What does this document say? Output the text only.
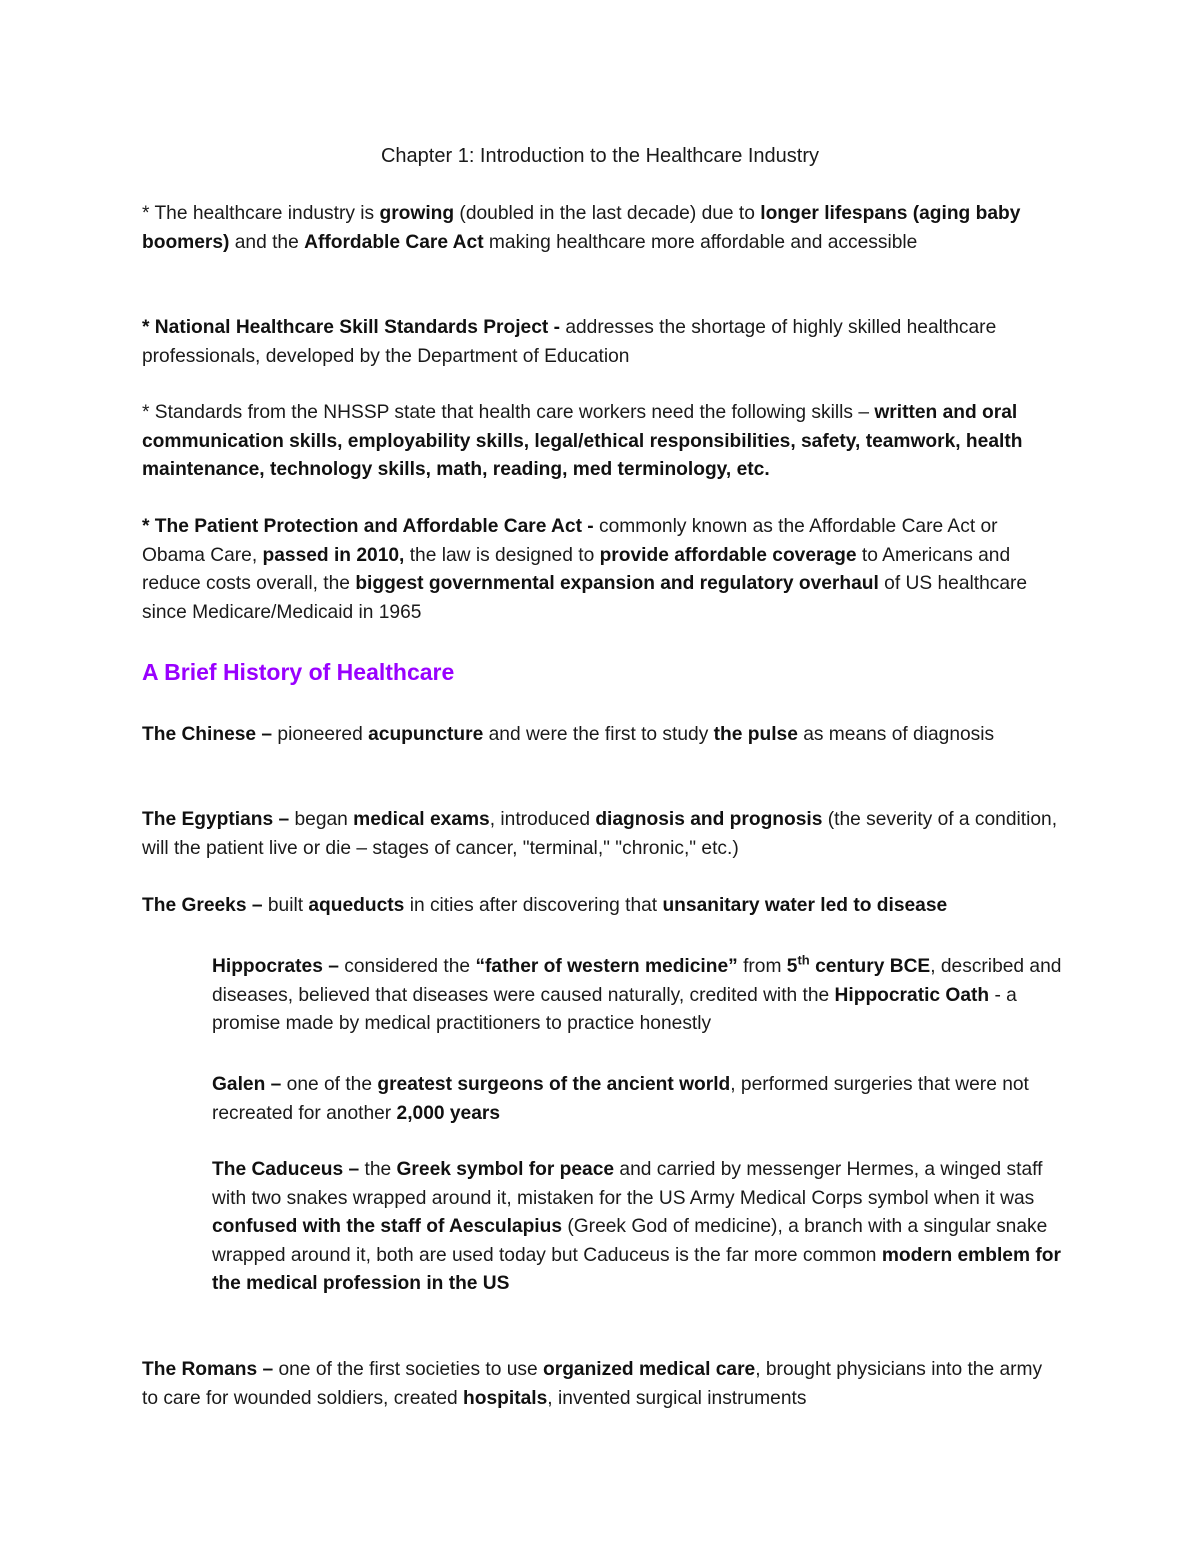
Chapter 1: Introduction to the Healthcare Industry

* The healthcare industry is growing (doubled in the last decade) due to longer lifespans (aging baby boomers) and the Affordable Care Act making healthcare more affordable and accessible

* National Healthcare Skill Standards Project - addresses the shortage of highly skilled healthcare professionals, developed by the Department of Education

* Standards from the NHSSP state that health care workers need the following skills – written and oral communication skills, employability skills, legal/ethical responsibilities, safety, teamwork, health maintenance, technology skills, math, reading, med terminology, etc.

* The Patient Protection and Affordable Care Act - commonly known as the Affordable Care Act or Obama Care, passed in 2010, the law is designed to provide affordable coverage to Americans and reduce costs overall, the biggest governmental expansion and regulatory overhaul of US healthcare since Medicare/Medicaid in 1965

A Brief History of Healthcare

The Chinese – pioneered acupuncture and were the first to study the pulse as means of diagnosis

The Egyptians – began medical exams, introduced diagnosis and prognosis (the severity of a condition, will the patient live or die – stages of cancer, "terminal," "chronic," etc.)

The Greeks – built aqueducts in cities after discovering that unsanitary water led to disease

Hippocrates – considered the “father of western medicine” from 5th century BCE, described and diseases, believed that diseases were caused naturally, credited with the Hippocratic Oath - a promise made by medical practitioners to practice honestly

Galen – one of the greatest surgeons of the ancient world, performed surgeries that were not recreated for another 2,000 years

The Caduceus – the Greek symbol for peace and carried by messenger Hermes, a winged staff with two snakes wrapped around it, mistaken for the US Army Medical Corps symbol when it was confused with the staff of Aesculapius (Greek God of medicine), a branch with a singular snake wrapped around it, both are used today but Caduceus is the far more common modern emblem for the medical profession in the US

The Romans – one of the first societies to use organized medical care, brought physicians into the army to care for wounded soldiers, created hospitals, invented surgical instruments
